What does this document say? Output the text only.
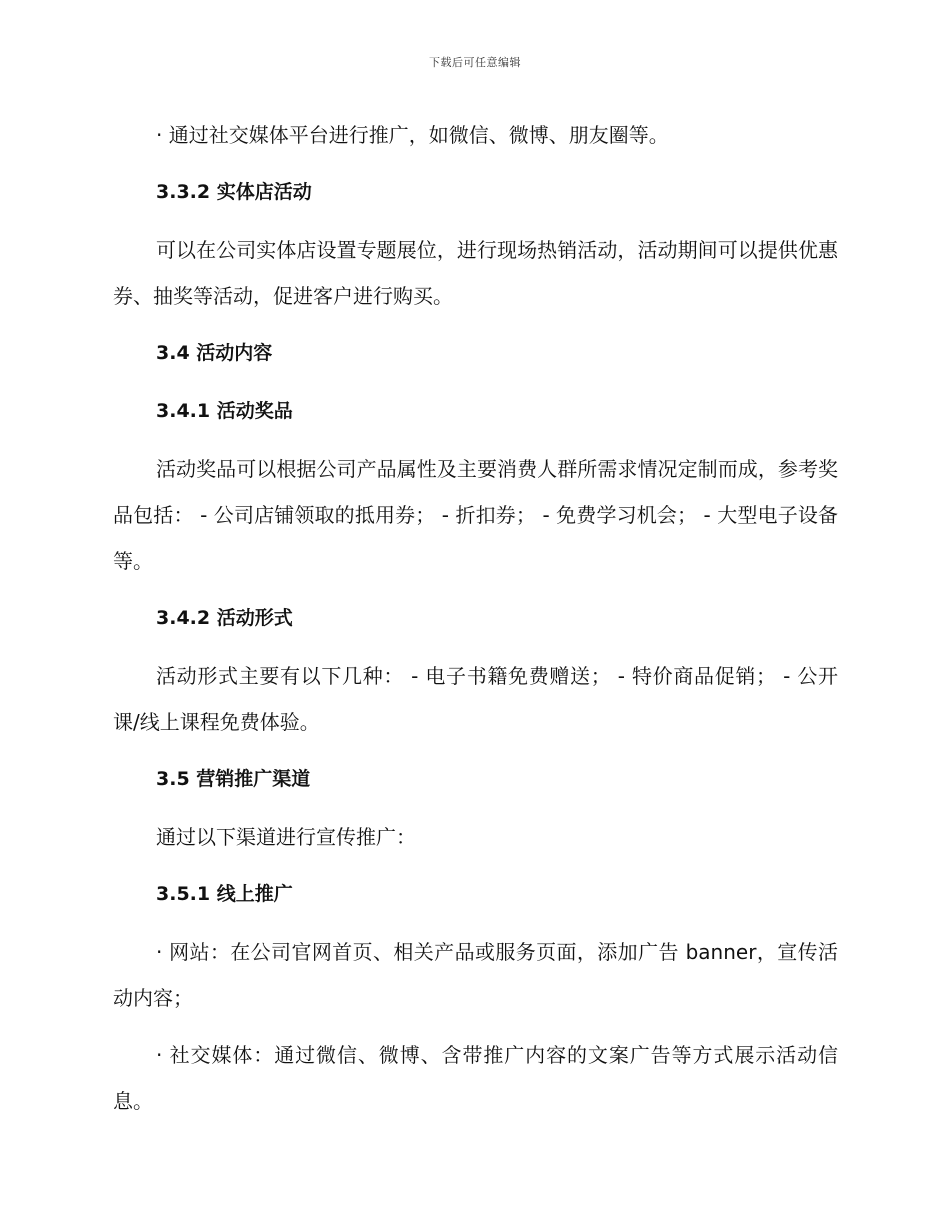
下载后可任意编辑

· 通过社交媒体平台进行推广，如微信、微博、朋友圈等。

3.3.2 实体店活动

可以在公司实体店设置专题展位，进行现场热销活动，活动期间可以提供优惠券、抽奖等活动，促进客户进行购买。

3.4 活动内容
3.4.1 活动奖品

活动奖品可以根据公司产品属性及主要消费人群所需求情况定制而成，参考奖品包括： - 公司店铺领取的抵用券； - 折扣券； - 免费学习机会； - 大型电子设备等。

3.4.2 活动形式

活动形式主要有以下几种： - 电子书籍免费赠送； - 特价商品促销； - 公开课/线上课程免费体验。

3.5 营销推广渠道

通过以下渠道进行宣传推广：

3.5.1 线上推广

· 网站：在公司官网首页、相关产品或服务页面，添加广告 banner，宣传活动内容；

· 社交媒体：通过微信、微博、含带推广内容的文案广告等方式展示活动信息。
